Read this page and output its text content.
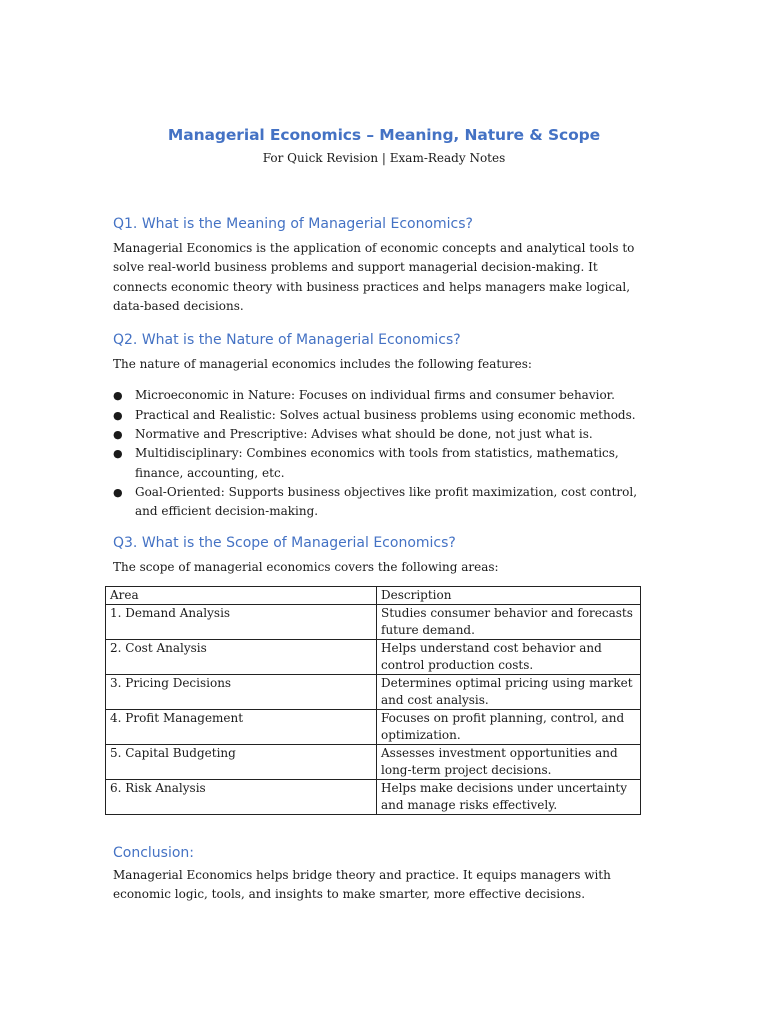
Managerial Economics – Meaning, Nature & Scope
For Quick Revision | Exam-Ready Notes
Q1. What is the Meaning of Managerial Economics?

Managerial Economics is the application of economic concepts and analytical tools to solve real-world business problems and support managerial decision-making. It connects economic theory with business practices and helps managers make logical, data-based decisions.

Q2. What is the Nature of Managerial Economics?

The nature of managerial economics includes the following features:

● Microeconomic in Nature: Focuses on individual firms and consumer behavior.
● Practical and Realistic: Solves actual business problems using economic methods.
● Normative and Prescriptive: Advises what should be done, not just what is.
● Multidisciplinary: Combines economics with tools from statistics, mathematics, finance, accounting, etc.
● Goal-Oriented: Supports business objectives like profit maximization, cost control, and efficient decision-making.
Q3. What is the Scope of Managerial Economics?

The scope of managerial economics covers the following areas:

Area	Description
1. Demand Analysis	Studies consumer behavior and forecasts future demand.
2. Cost Analysis	Helps understand cost behavior and control production costs.
3. Pricing Decisions	Determines optimal pricing using market and cost analysis.
4. Profit Management	Focuses on profit planning, control, and optimization.
5. Capital Budgeting	Assesses investment opportunities and long-term project decisions.
6. Risk Analysis	Helps make decisions under uncertainty and manage risks effectively.
Conclusion:

Managerial Economics helps bridge theory and practice. It equips managers with economic logic, tools, and insights to make smarter, more effective decisions.
